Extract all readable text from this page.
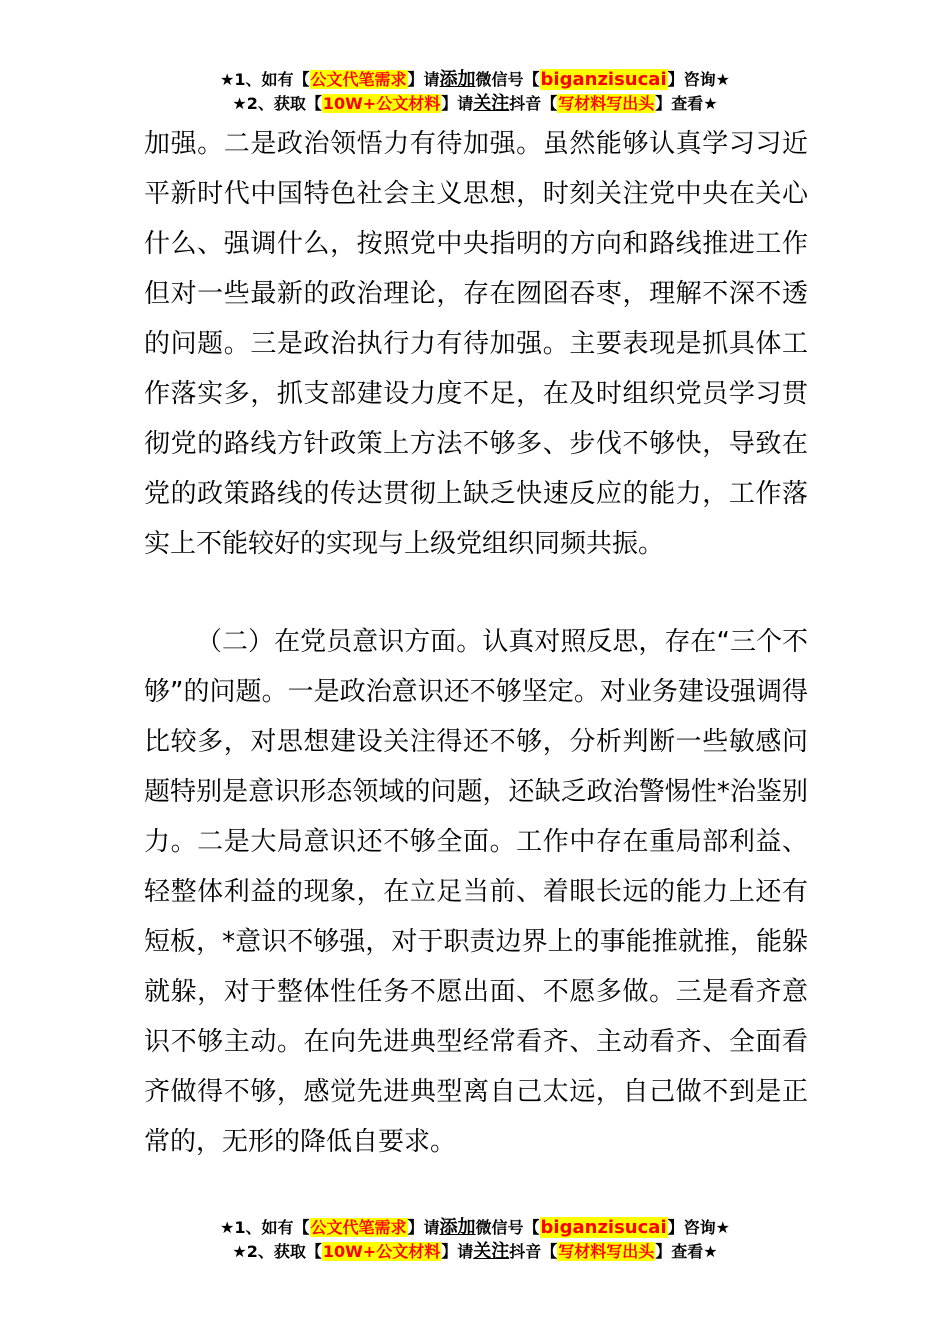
★1、如有【公文代笔需求】请添加微信号【biganzisucai】咨询★
★2、获取【10W+公文材料】请关注抖音【写材料写出头】查看★

加强。二是政治领悟力有待加强。虽然能够认真学习习近平新时代中国特色社会主义思想，时刻关注党中央在关心什么、强调什么，按照党中央指明的方向和路线推进工作但对一些最新的政治理论，存在囫囵吞枣，理解不深不透的问题。三是政治执行力有待加强。主要表现是抓具体工作落实多，抓支部建设力度不足，在及时组织党员学习贯彻党的路线方针政策上方法不够多、步伐不够快，导致在党的政策路线的传达贯彻上缺乏快速反应的能力，工作落实上不能较好的实现与上级党组织同频共振。

（二）在党员意识方面。认真对照反思，存在“三个不够”的问题。一是政治意识还不够坚定。对业务建设强调得比较多，对思想建设关注得还不够，分析判断一些敏感问题特别是意识形态领域的问题，还缺乏政治警惕性*治鉴别力。二是大局意识还不够全面。工作中存在重局部利益、轻整体利益的现象，在立足当前、着眼长远的能力上还有短板，*意识不够强，对于职责边界上的事能推就推，能躲就躲，对于整体性任务不愿出面、不愿多做。三是看齐意识不够主动。在向先进典型经常看齐、主动看齐、全面看齐做得不够，感觉先进典型离自己太远，自己做不到是正常的，无形的降低自要求。

★1、如有【公文代笔需求】请添加微信号【biganzisucai】咨询★
★2、获取【10W+公文材料】请关注抖音【写材料写出头】查看★
